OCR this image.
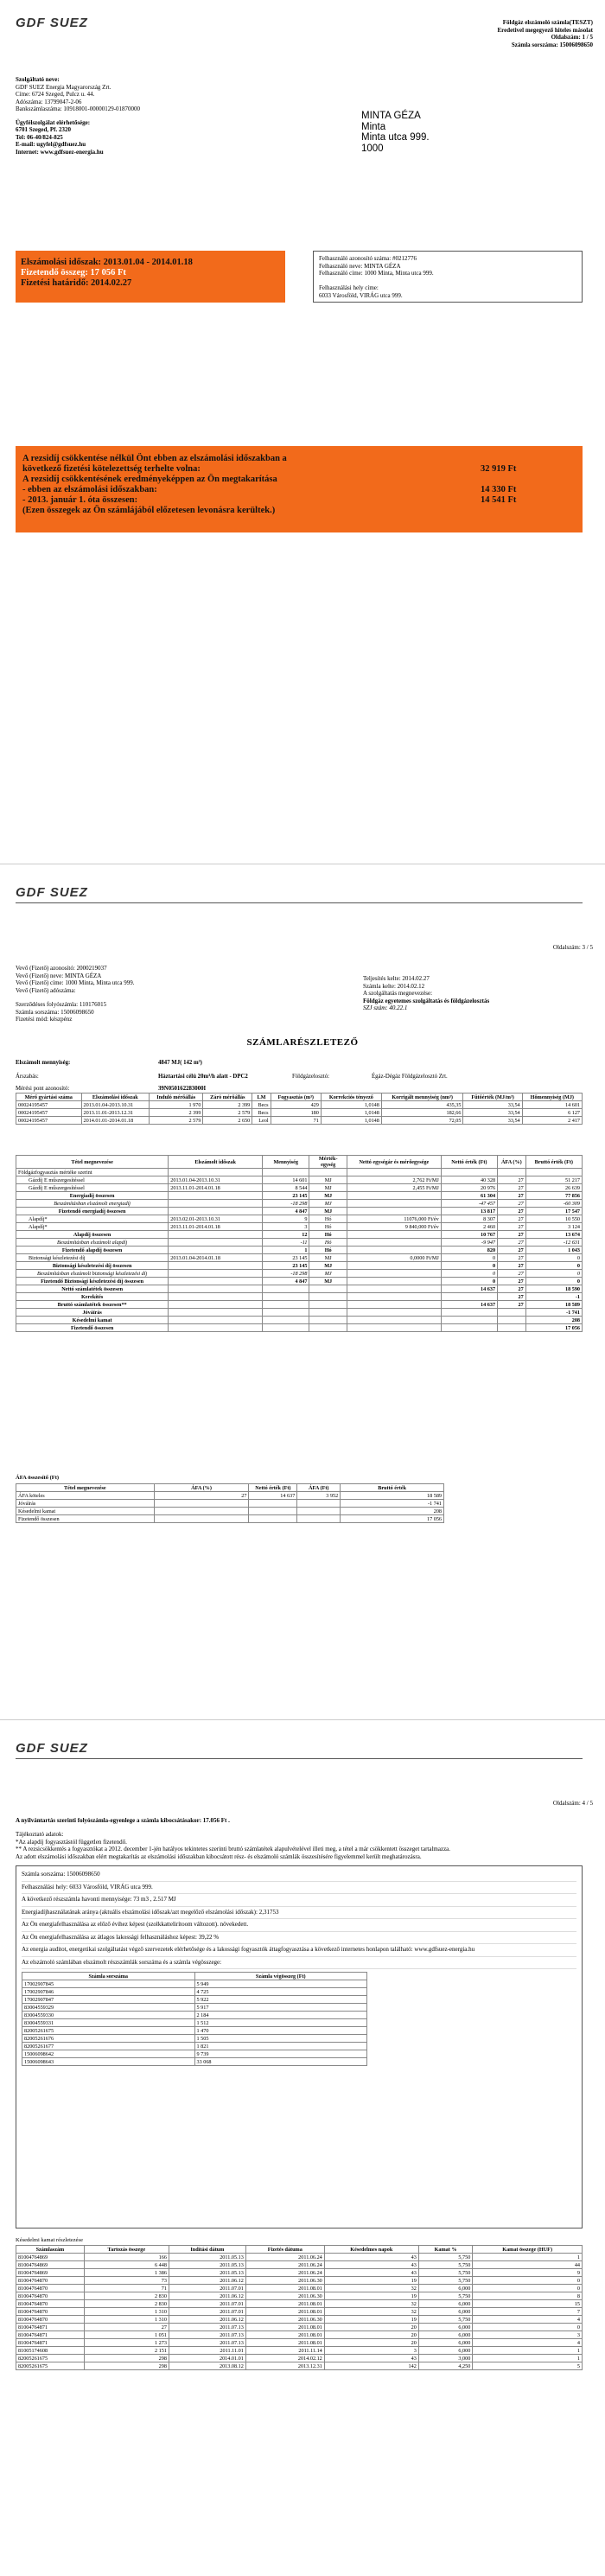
GDF SUEZ	Földgáz elszámoló számla(TESZT)

Eredetivel megegyező hiteles másolat

Oldalszám: 1 / 5

Számla sorszáma: 15006098650

Szolgáltató neve:

GDF SUEZ Energia Magyarország Zrt.

Címe: 6724 Szeged, Pulcz u. 44.

Adószáma: 13799047-2-06

Bankszámlaszáma: 10918001-00000129-01870000

Ügyfélszolgálat elérhetősége:

6701 Szeged, Pf. 2320

Tel: 06-40/824-825

E-mail: ugyfel@gdfsuez.hu

Internet: www.gdfsuez-energia.hu

MINTA GÉZA
Minta
Minta utca 999.
1000

Elszámolási időszak: 2013.01.04 - 2014.01.18

Fizetendő összeg: 17 056 Ft

Fizetési határidő: 2014.02.27

Felhasználó azonosító száma: #0212776

Felhasználó neve: MINTA GÉZA

Felhasználó címe: 1000 Minta, Minta utca 999.

Felhasználási hely címe:

6033 Városföld, VIRÁG utca 999.

A rezsidíj csökkentése nélkül Önt ebben az elszámolási időszakban a

következő fizetési kötelezettség terhelte volna:

A rezsidíj csökkentésének eredményeképpen az Ön megtakarítása

- ebben az elszámolási időszakban:

- 2013. január 1. óta összesen:

(Ezen összegek az Ön számlájából előzetesen levonásra kerültek.)

32 919 Ft

14 330 Ft

14 541 Ft

GDF SUEZ
Oldalszám: 3 / 5

Vevő (Fizető) azonosító: 2000219037

Vevő (Fizető) neve: MINTA GÉZA

Vevő (Fizető) címe: 1000 Minta, Minta utca 999.

Vevő (Fizető) adószáma:

Szerződéses folyószámla: 110176015

Számla sorszáma: 15006098650

Fizetési mód: készpénz

Teljesítés kelte: 2014.02.27

Számla kelte: 2014.02.12

A szolgáltatás megnevezése:

Földgáz egyetemes szolgáltatás és földgázelosztás

SZJ szám: 40.22.1

SZÁMLARÉSZLETEZŐ
Elszámolt mennyiség:	4847 MJ( 142 m³)
Árszabás:	Háztartási célú 20m³/h alatt - DPC2	Földgázelosztó:	Égáz-Dégáz Földgázelosztó Zrt.
Mérési pont azonosító:	39N050162283000I
Mérő gyártási száma	Elszámolási időszak	Induló mérőállás	Záró mérőállás	LM	Fogyasztás (m³)	Korrekciós tényező	Korrigált mennyiség (nm³)	Fűtőérték (MJ/m³)	Hőmennyiség (MJ)
00024195457	2013.01.04-2013.10.31	1 970	2 399	Becs	429	1,0148	435,35	33,54	14 601
00024195457	2013.11.01-2013.12.31	2 399	2 579	Becs	180	1,0148	182,66	33,54	6 127
00024195457	2014.01.01-2014.01.18	2 579	2 650	Leol	71	1,0148	72,05	33,54	2 417
Tétel megnevezése	Elszámolt időszak	Mennyiség	Mérték-egység	Nettó egységár és mérőegysége	Nettó érték (Ft)	ÁFA (%)	Bruttó érték (Ft)
Földgázfogyasztás mértéke szerint							
Gázdíj E műszergesítéssel	2013.01.04-2013.10.31	14 601	MJ	2,762 Ft/MJ	40 328	27	51 217
Gázdíj E műszergesítéssel	2013.11.01-2014.01.18	8 544	MJ	2,455 Ft/MJ	20 976	27	26 639
Energiadíj összesen		23 145	MJ		61 304	27	77 856
Beszámításban elszámolt energiadíj		-18 298	MJ		-47 457	27	-60 309
Fizetendő energiadíj összesen		4 847	MJ		13 817	27	17 547
Alapdíj*	2013.02.01-2013.10.31	9	Hó	11076,000 Ft/év	8 307	27	10 550
Alapdíj*	2013.11.01-2014.01.18	3	Hó	9 840,000 Ft/év	2 460	27	3 124
Alapdíj összesen		12	Hó		10 767	27	13 674
Beszámításban elszámolt alapdíj		-11	Hó		-9 947	27	-12 631
Fizetendő alapdíj összesen		1	Hó		820	27	1 043
Biztonsági készletezési díj	2013.01.04-2014.01.18	23 145	MJ	0,0000 Ft/MJ	0	27	0
Biztonsági készletezési díj összesen		23 145	MJ		0	27	0
Beszámításban elszámolt biztonsági készletezési díj		-18 298	MJ		0	27	0
Fizetendő Biztonsági készletezési díj összesen		4 847	MJ		0	27	0
Nettó számlatétek összesen					14 637	27	18 590
Kerekítés						27	-1
Bruttó számlatétek összesen**					14 637	27	18 589
Jóváírás							-1 741
Késedelmi kamat							208
Fizetendő összesen							17 056
ÁFA összesítő (Ft)
Tétel megnevezése	ÁFA (%)	Nettó érték (Ft)	ÁFA (Ft)	Bruttó érték
ÁFA köteles	27	14 637	3 952	18 589
Jóváírás				-1 741
Késedelmi kamat				208
Fizetendő összesen				17 056
GDF SUEZ
Oldalszám: 4 / 5
A nyilvántartás szerinti folyószámla-egyenlege a számla kibocsátásakor: 17.056 Ft .

Tájékoztató adatok:

*Az alapdíj fogyasztástól független fizetendő.

** A rezsicsökkentés a fogyasztókat a 2012. december 1-jén hatályos tekintetes szerinti bruttó számlatétek alapulvételével illeti meg, a tétel a már csökkentett összeget tartalmazza.

Az adott elszámolási időszakban elért megtakarítás az elszámolási időszakban kibocsátott rész- és elszámoló számlák összesítésére figyelemmel került meghatározásra.

Számla sorszáma: 15006098650

Felhasználási hely: 6033 Városföld, VIRÁG utca 999.

A következő részszámla havonti mennyisége: 73 m3 , 2.517 MJ

Energiadíjhasználatának aránya (aktuális elszámolási időszak/azt megelőző elszámolási időszak): 2,31753

Az Ön energiafelhasználása az előző évihez képest (szolkkattelirítoom változott). növekedett.

Az Ön energiafelhasználása az átlagos lakossági felhasználáshoz képest: 39,22 %

Az energia auditot, energetikai szolgáltatást végző szervezetek elérhetősége és a lakossági fogyasztók áttagfogyasztása a következő internetes honlapon található: www.gdfsuez-energia.hu

Az elszámoló számlában elszámolt részszámlák sorszáma és a számla végösszege:

Számla sorszáma	Számla végösszeg (Ft)
17002907845	5 949
17002907846	4 725
17002907847	5 922
83004559329	5 917
83004559330	2 184
83004559331	1 512
82005261675	1 470
82005261676	1 505
82005261677	1 821
15006098642	9 739
15006098643	33 068
Késedelmi kamat részletezése
Számlaszám	Tartozás összege	Indítási dátum	Fizetés dátuma	Késedelmes napok	Kamat %	Kamat összege (HUF)
81004764869	166	2011.05.13	2011.06.24	43	5,750	1
81004764869	6 448	2011.05.13	2011.06.24	43	5,750	44
81004764869	1 386	2011.05.13	2011.06.24	43	5,750	9
81004764870	73	2011.06.12	2011.06.30	19	5,750	0
81004764870	71	2011.07.01	2011.08.01	32	6,000	0
81004764870	2 830	2011.06.12	2011.06.30	19	5,750	8
81004764870	2 830	2011.07.01	2011.08.01	32	6,000	15
81004764870	1 310	2011.07.01	2011.08.01	32	6,000	7
81004764870	1 310	2011.06.12	2011.06.30	19	5,750	4
81004764871	27	2011.07.13	2011.08.01	20	6,000	0
81004764871	1 051	2011.07.13	2011.08.01	20	6,000	3
81004764871	1 273	2011.07.13	2011.08.01	20	6,000	4
81005174608	2 151	2011.11.01	2011.11.14	3	6,000	1
82005261675	298	2014.01.01	2014.02.12	43	3,000	1
82005261675	298	2013.08.12	2013.12.31	142	4,250	5
